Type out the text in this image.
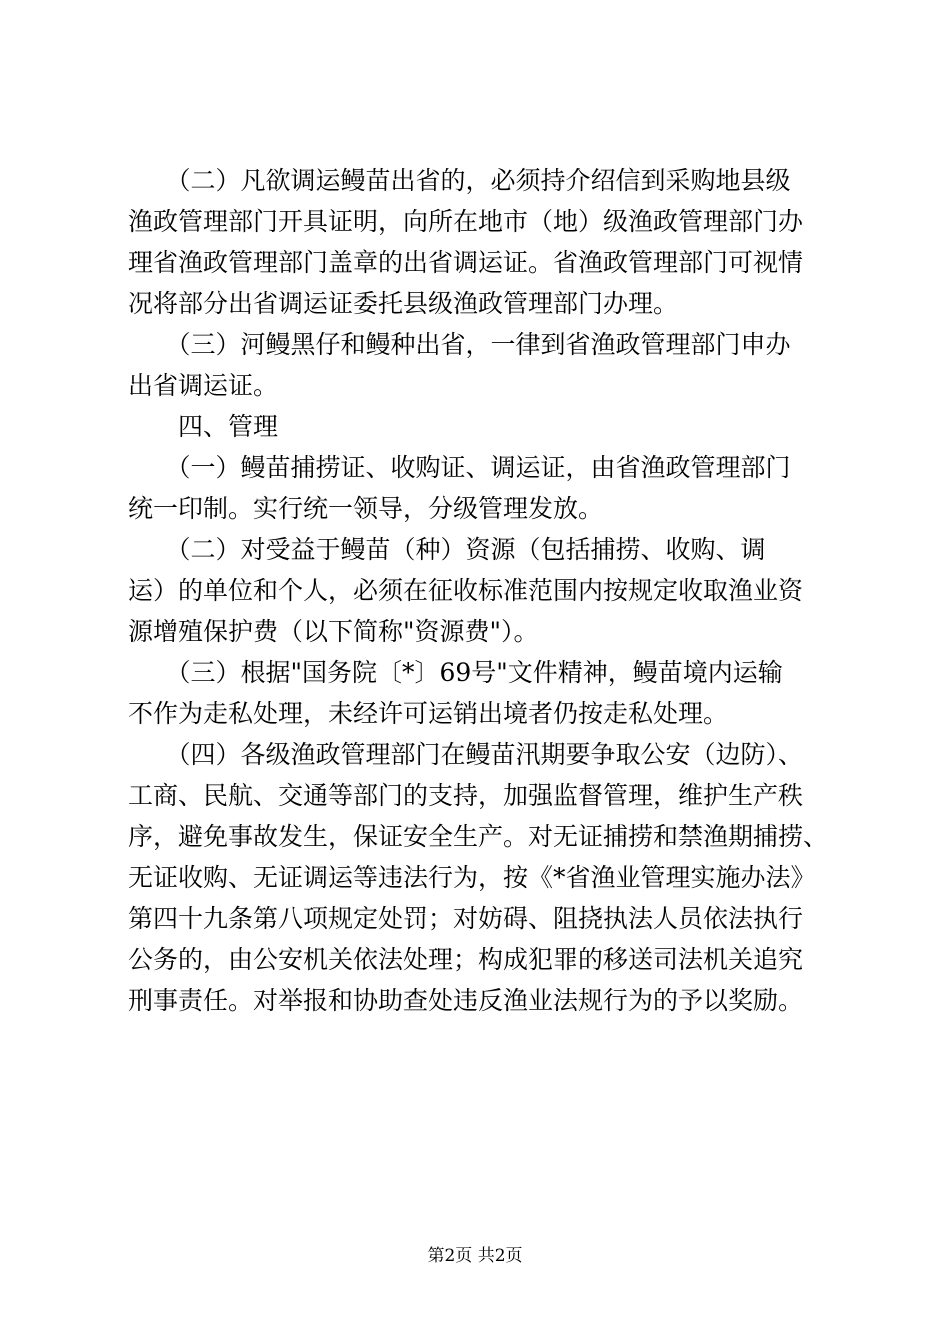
　　（二）凡欲调运鳗苗出省的，必须持介绍信到采购地县级
渔政管理部门开具证明，向所在地市（地）级渔政管理部门办
理省渔政管理部门盖章的出省调运证。省渔政管理部门可视情
况将部分出省调运证委托县级渔政管理部门办理。
　　（三）河鳗黑仔和鳗种出省，一律到省渔政管理部门申办
出省调运证。
　　四、管理
　　（一）鳗苗捕捞证、收购证、调运证，由省渔政管理部门
统一印制。实行统一领导，分级管理发放。
　　（二）对受益于鳗苗（种）资源（包括捕捞、收购、调
运）的单位和个人，必须在征收标准范围内按规定收取渔业资
源增殖保护费（以下简称"资源费"）。
　　（三）根据"国务院〔*〕69号"文件精神，鳗苗境内运输
不作为走私处理，未经许可运销出境者仍按走私处理。
　　（四）各级渔政管理部门在鳗苗汛期要争取公安（边防）、
工商、民航、交通等部门的支持，加强监督管理，维护生产秩
序，避免事故发生，保证安全生产。对无证捕捞和禁渔期捕捞、
无证收购、无证调运等违法行为，按《*省渔业管理实施办法》
第四十九条第八项规定处罚；对妨碍、阻挠执法人员依法执行
公务的，由公安机关依法处理；构成犯罪的移送司法机关追究
刑事责任。对举报和协助查处违反渔业法规行为的予以奖励。
第2页 共2页
